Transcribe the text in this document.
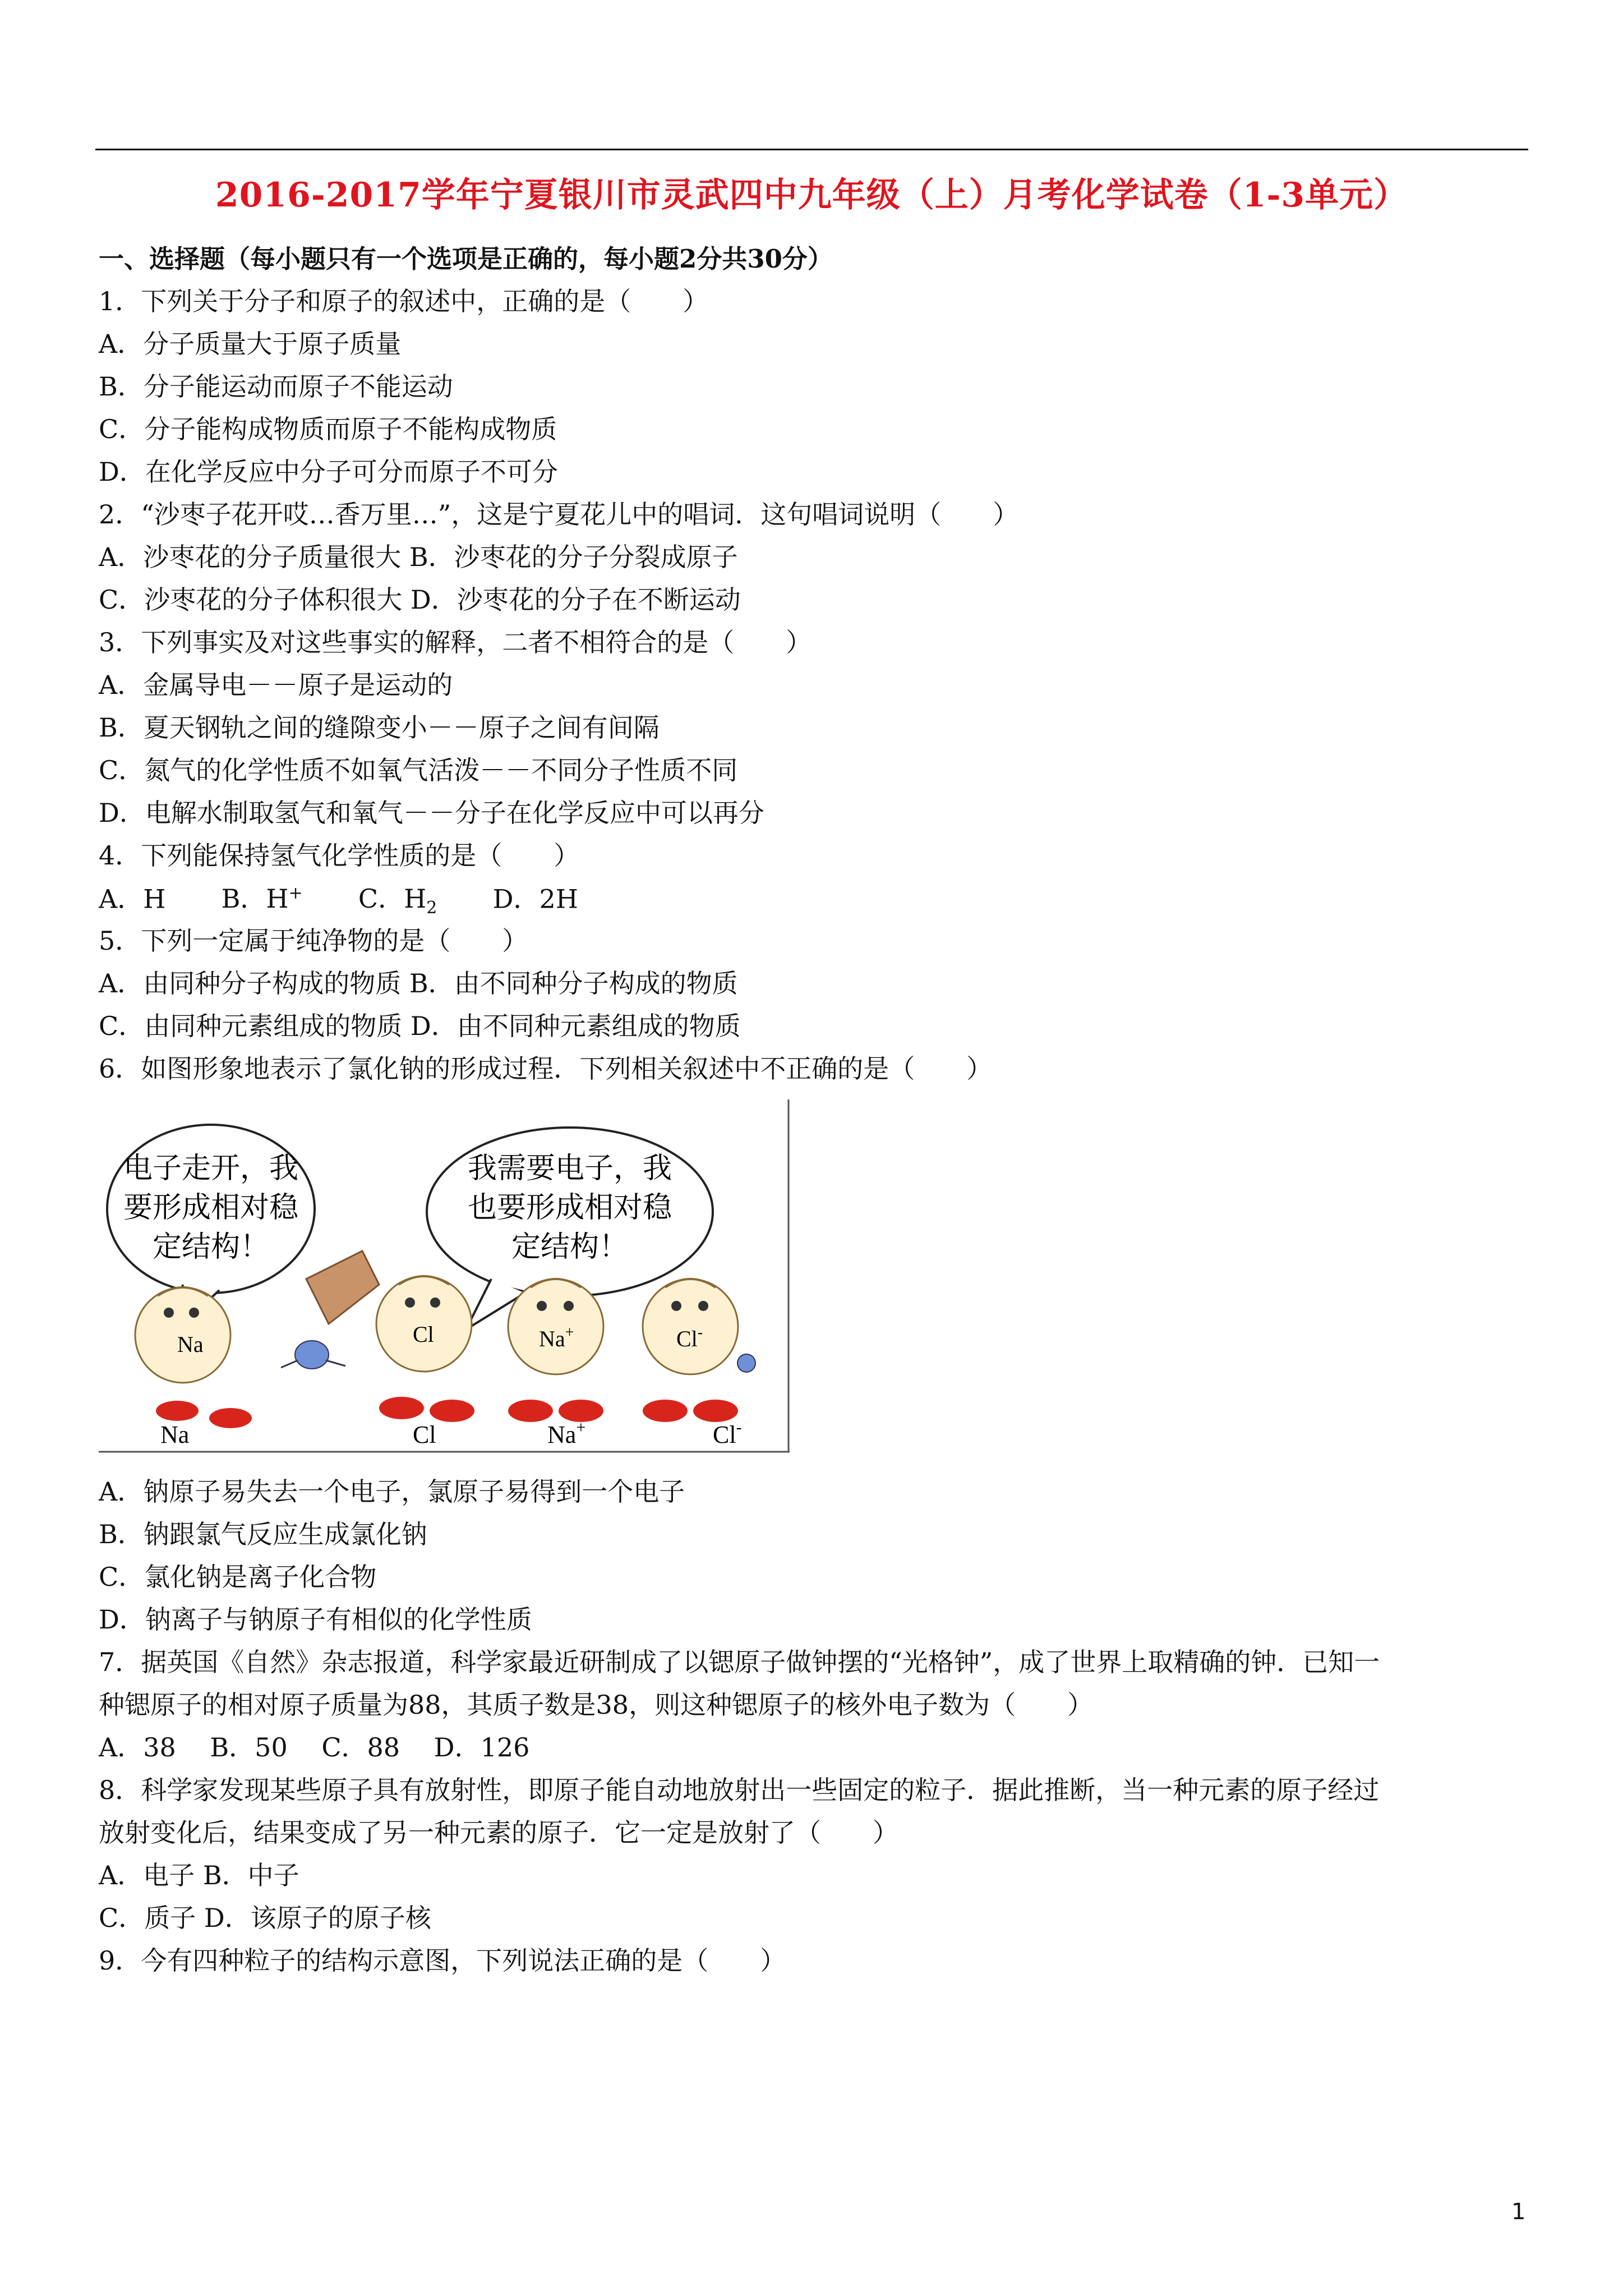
2016-2017学年宁夏银川市灵武四中九年级（上）月考化学试卷（1-3单元）
一、选择题（每小题只有一个选项是正确的，每小题2分共30分）
1．下列关于分子和原子的叙述中，正确的是（　　）
A．分子质量大于原子质量
B．分子能运动而原子不能运动
C．分子能构成物质而原子不能构成物质
D．在化学反应中分子可分而原子不可分
2．“沙枣子花开哎…香万里…”，这是宁夏花儿中的唱词．这句唱词说明（　　）
A．沙枣花的分子质量很大 B．沙枣花的分子分裂成原子
C．沙枣花的分子体积很大 D．沙枣花的分子在不断运动
3．下列事实及对这些事实的解释，二者不相符合的是（　　）
A．金属导电－－原子是运动的
B．夏天钢轨之间的缝隙变小－－原子之间有间隔
C．氮气的化学性质不如氧气活泼－－不同分子性质不同
D．电解水制取氢气和氧气－－分子在化学反应中可以再分
4．下列能保持氢气化学性质的是（　　）
A．H B．H+ C．$H_2$ D．2H
5．下列一定属于纯净物的是（　　）
A．由同种分子构成的物质 B．由不同种分子构成的物质
C．由同种元素组成的物质 D．由不同种元素组成的物质
6．如图形象地表示了氯化钠的形成过程．下列相关叙述中不正确的是（　　）
电子走开，我
要形成相对稳
定结构！
我需要电子，我
也要形成相对稳
定结构！
Na	Cl	Na+	Cl-
Na	Cl	Na+	Cl-
A．钠原子易失去一个电子，氯原子易得到一个电子
B．钠跟氯气反应生成氯化钠
C．氯化钠是离子化合物
D．钠离子与钠原子有相似的化学性质
7．据英国《自然》杂志报道，科学家最近研制成了以锶原子做钟摆的“光格钟”，成了世界上取精确的钟．已知一
种锶原子的相对原子质量为88，其质子数是38，则这种锶原子的核外电子数为（　　）
A．38　 B．50　 C．88　 D．126
8．科学家发现某些原子具有放射性，即原子能自动地放射出一些固定的粒子．据此推断，当一种元素的原子经过
放射变化后，结果变成了另一种元素的原子．它一定是放射了（　　）
A．电子 B．中子
C．质子 D．该原子的原子核
9．今有四种粒子的结构示意图，下列说法正确的是（　　）
1
